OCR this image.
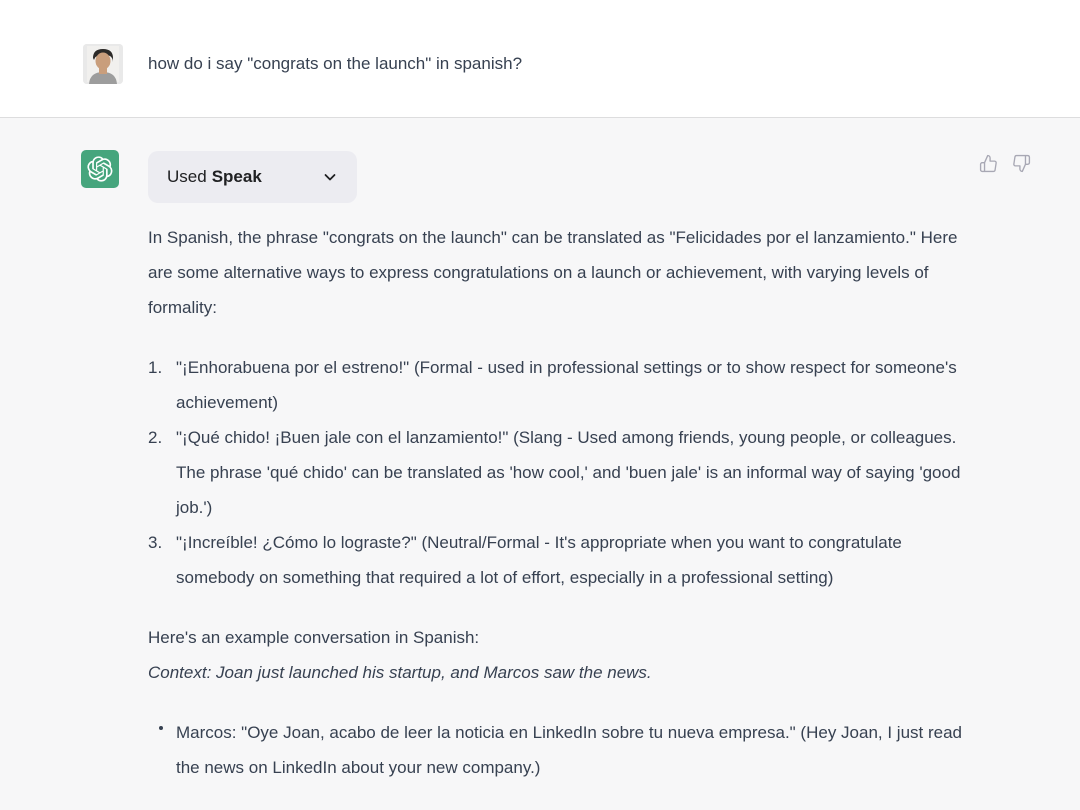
how do i say "congrats on the launch" in spanish?
Used Speak

In Spanish, the phrase "congrats on the launch" can be translated as "Felicidades por el lanzamiento." Here are some alternative ways to express congratulations on a launch or achievement, with varying levels of formality:

1. "¡Enhorabuena por el estreno!" (Formal - used in professional settings or to show respect for someone's achievement)
2. "¡Qué chido! ¡Buen jale con el lanzamiento!" (Slang - Used among friends, young people, or colleagues. The phrase 'qué chido' can be translated as 'how cool,' and 'buen jale' is an informal way of saying 'good job.')
3. "¡Increíble! ¿Cómo lo lograste?" (Neutral/Formal - It's appropriate when you want to congratulate somebody on something that required a lot of effort, especially in a professional setting)

Here's an example conversation in Spanish:

Context: Joan just launched his startup, and Marcos saw the news.

Marcos: "Oye Joan, acabo de leer la noticia en LinkedIn sobre tu nueva empresa." (Hey Joan, I just read the news on LinkedIn about your new company.)
